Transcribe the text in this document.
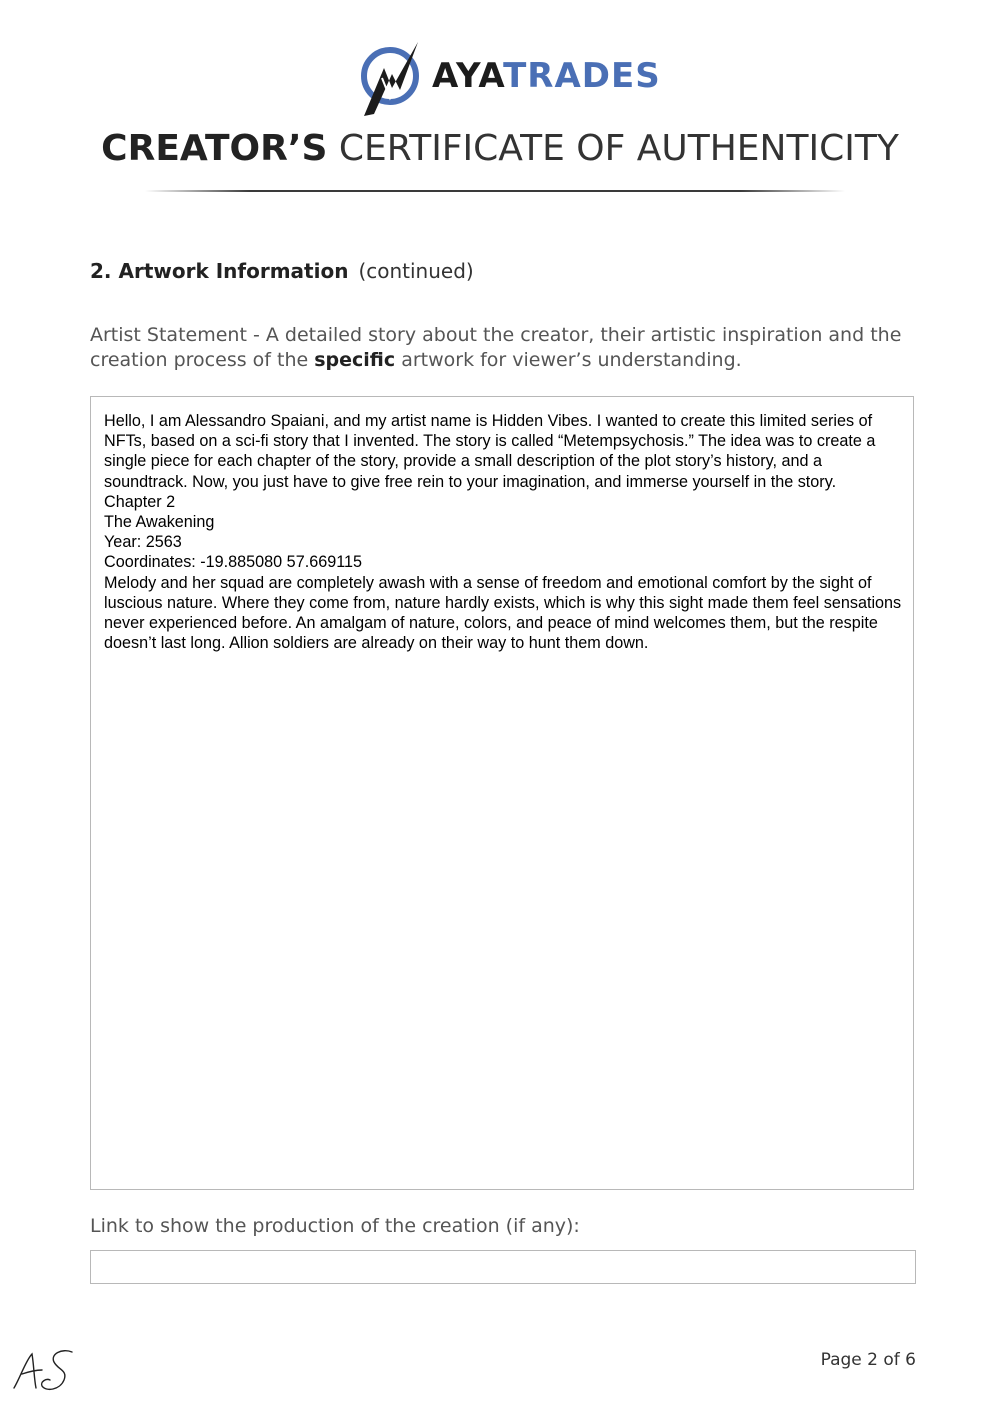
AYATRADES
CREATOR’S CERTIFICATE OF AUTHENTICITY
2. Artwork Information (continued)
Artist Statement - A detailed story about the creator, their artistic inspiration and the creation process of the specific artwork for viewer’s understanding.
Hello, I am Alessandro Spaiani, and my artist name is Hidden Vibes. I wanted to create this limited series of NFTs, based on a sci-fi story that I invented. The story is called “Metempsychosis.” The idea was to create a single piece for each chapter of the story, provide a small description of the plot story’s history, and a soundtrack. Now, you just have to give free rein to your imagination, and immerse yourself in the story.
Chapter 2
The Awakening
Year: 2563
Coordinates: -19.885080 57.669115
Melody and her squad are completely awash with a sense of freedom and emotional comfort by the sight of luscious nature. Where they come from, nature hardly exists, which is why this sight made them feel sensations never experienced before. An amalgam of nature, colors, and peace of mind welcomes them, but the respite doesn’t last long. Allion soldiers are already on their way to hunt them down.
Link to show the production of the creation (if any):
Page 2 of 6
